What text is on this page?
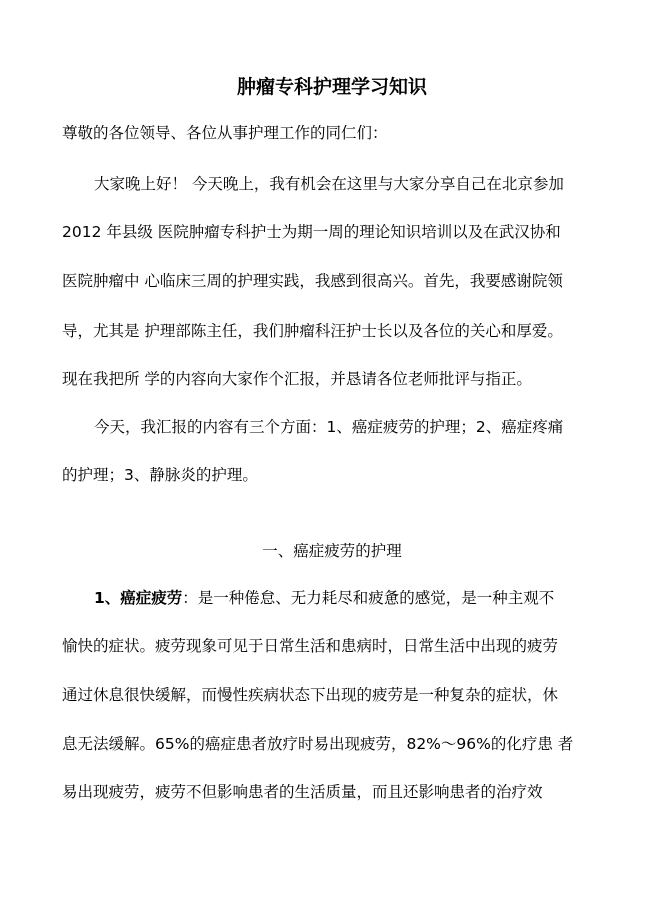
肿瘤专科护理学习知识
尊敬的各位领导、各位从事护理工作的同仁们：
大家晚上好！ 今天晚上，我有机会在这里与大家分享自己在北京参加
2012 年县级 医院肿瘤专科护士为期一周的理论知识培训以及在武汉协和
医院肿瘤中 心临床三周的护理实践，我感到很高兴。首先，我要感谢院领
导，尤其是 护理部陈主任，我们肿瘤科汪护士长以及各位的关心和厚爱。
现在我把所 学的内容向大家作个汇报，并恳请各位老师批评与指正。
今天，我汇报的内容有三个方面：1、癌症疲劳的护理；2、癌症疼痛
的护理；3、静脉炎的护理。
一、癌症疲劳的护理
1、癌症疲劳：是一种倦怠、无力耗尽和疲惫的感觉，是一种主观不
愉快的症状。疲劳现象可见于日常生活和患病时，日常生活中出现的疲劳
通过休息很快缓解，而慢性疾病状态下出现的疲劳是一种复杂的症状，休
息无法缓解。65%的癌症患者放疗时易出现疲劳，82%〜96%的化疗患 者
易出现疲劳，疲劳不但影响患者的生活质量，而且还影响患者的治疗效
